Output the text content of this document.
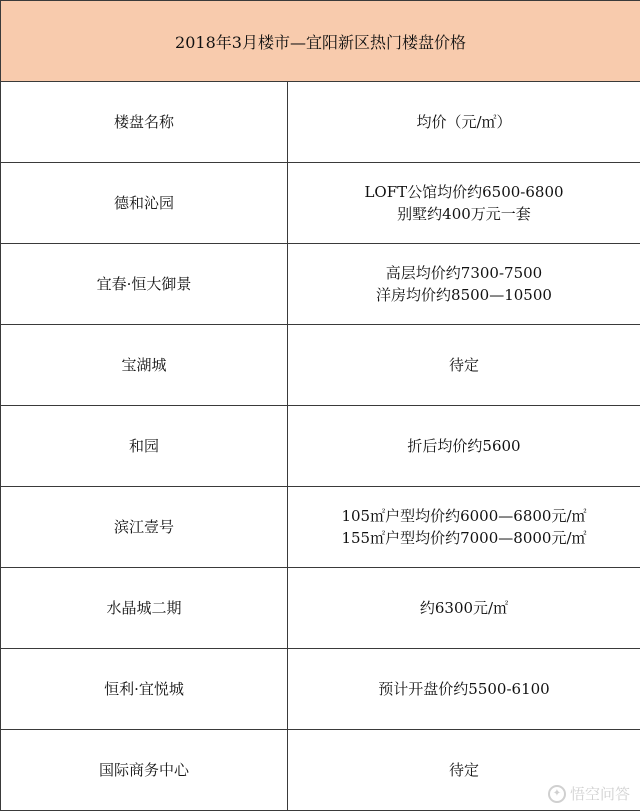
2018年3月楼市—宜阳新区热门楼盘价格	
楼盘名称	均价（元/㎡）
德和沁园	LOFT公馆均价约6500-6800
别墅约400万元一套

宜春·恒大御景	高层均价约7300-7500
洋房均价约8500—10500

宝湖城	待定

和园	折后均价约5600

滨江壹号	105㎡户型均价约6000—6800元/㎡
155㎡户型均价约7000—8000元/㎡

水晶城二期	约6300元/㎡

恒利·宜悦城	预计开盘价约5500-6100

国际商务中心	待定
✦ 悟空问答
